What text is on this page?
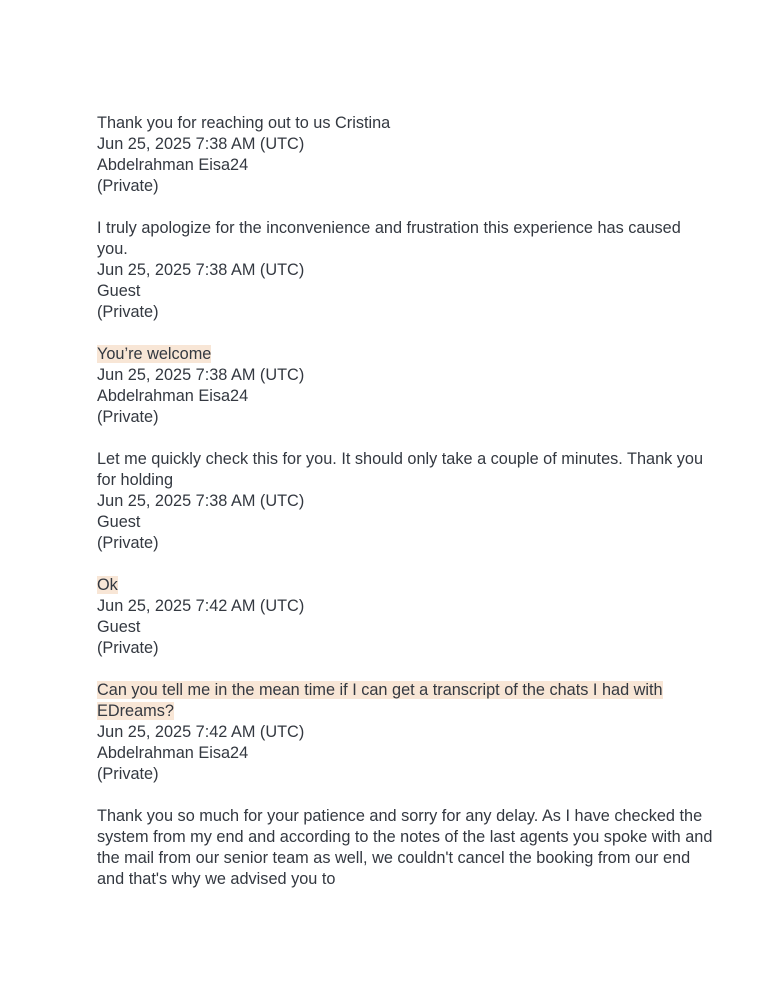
Thank you for reaching out to us Cristina
Jun 25, 2025 7:38 AM (UTC)
Abdelrahman Eisa24
(Private)
I truly apologize for the inconvenience and frustration this experience has caused you.
Jun 25, 2025 7:38 AM (UTC)
Guest
(Private)
You’re welcome
Jun 25, 2025 7:38 AM (UTC)
Abdelrahman Eisa24
(Private)
Let me quickly check this for you. It should only take a couple of minutes. Thank you for holding
Jun 25, 2025 7:38 AM (UTC)
Guest
(Private)
Ok
Jun 25, 2025 7:42 AM (UTC)
Guest
(Private)
Can you tell me in the mean time if I can get a transcript of the chats I had with EDreams?
Jun 25, 2025 7:42 AM (UTC)
Abdelrahman Eisa24
(Private)
Thank you so much for your patience and sorry for any delay. As I have checked the system from my end and according to the notes of the last agents you spoke with and the mail from our senior team as well, we couldn't cancel the booking from our end and that's why we advised you to
